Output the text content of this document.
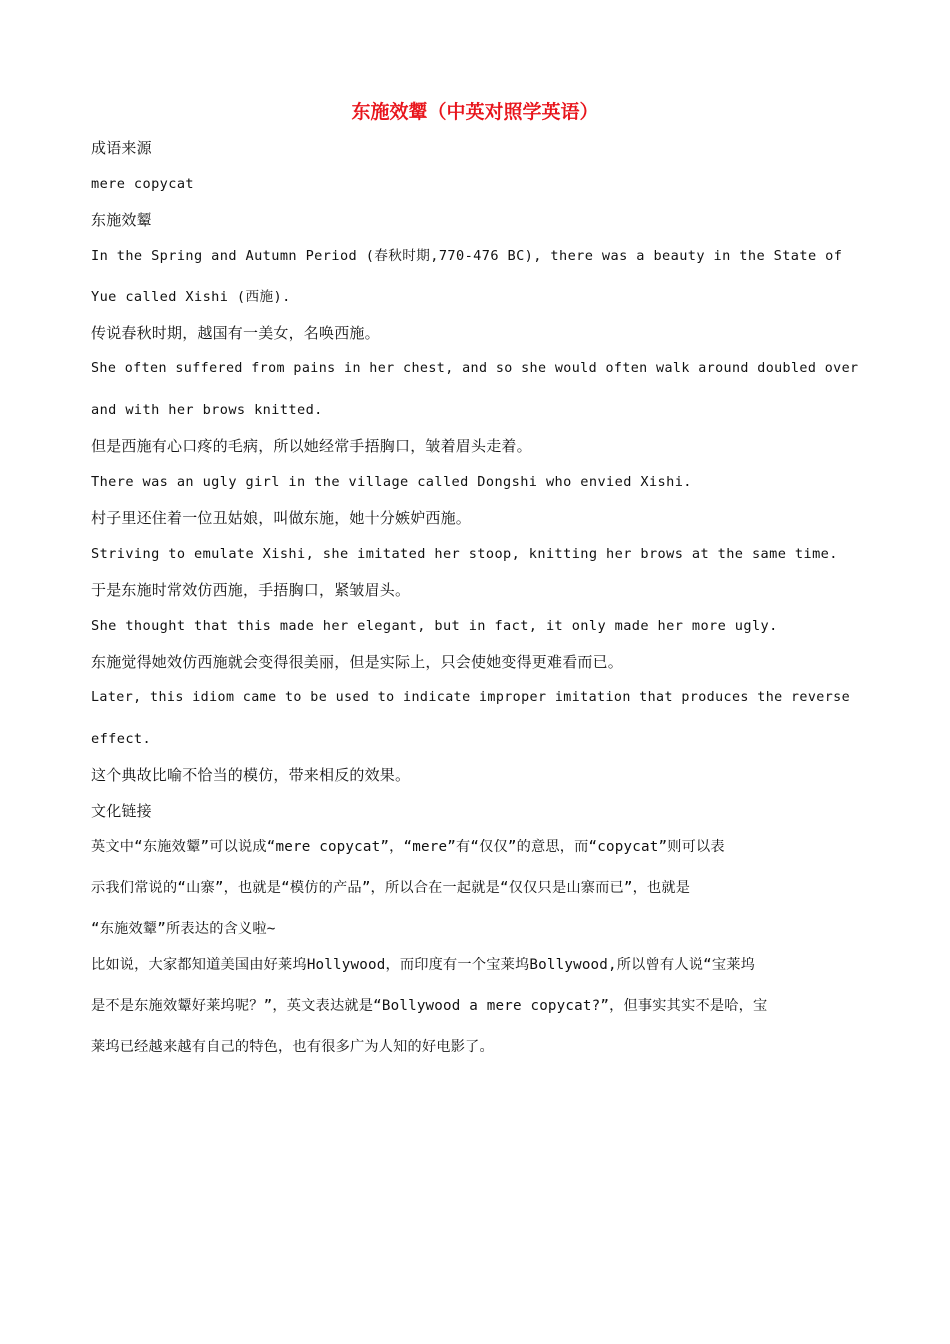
东施效颦（中英对照学英语）

成语来源

mere copycat

东施效颦

In the Spring and Autumn Period (春秋时期,770-476 BC), there was a beauty in the State of

Yue called Xishi (西施).

传说春秋时期，越国有一美女，名唤西施。

She often suffered from pains in her chest, and so she would often walk around doubled over

and with her brows knitted.

但是西施有心口疼的毛病，所以她经常手捂胸口，皱着眉头走着。

There was an ugly girl in the village called Dongshi who envied Xishi.

村子里还住着一位丑姑娘，叫做东施，她十分嫉妒西施。

Striving to emulate Xishi, she imitated her stoop, knitting her brows at the same time.

于是东施时常效仿西施，手捂胸口，紧皱眉头。

She thought that this made her elegant, but in fact, it only made her more ugly.

东施觉得她效仿西施就会变得很美丽，但是实际上，只会使她变得更难看而已。

Later, this idiom came to be used to indicate improper imitation that produces the reverse

effect.

这个典故比喻不恰当的模仿，带来相反的效果。

文化链接

英文中“东施效颦”可以说成“mere copycat”，“mere”有“仅仅”的意思，而“copycat”则可以表

示我们常说的“山寨”，也就是“模仿的产品”，所以合在一起就是“仅仅只是山寨而已”，也就是

“东施效颦”所表达的含义啦~

比如说，大家都知道美国由好莱坞Hollywood，而印度有一个宝莱坞Bollywood,所以曾有人说“宝莱坞

是不是东施效颦好莱坞呢？”，英文表达就是“Bollywood a mere copycat?”，但事实其实不是哈，宝

莱坞已经越来越有自己的特色，也有很多广为人知的好电影了。
